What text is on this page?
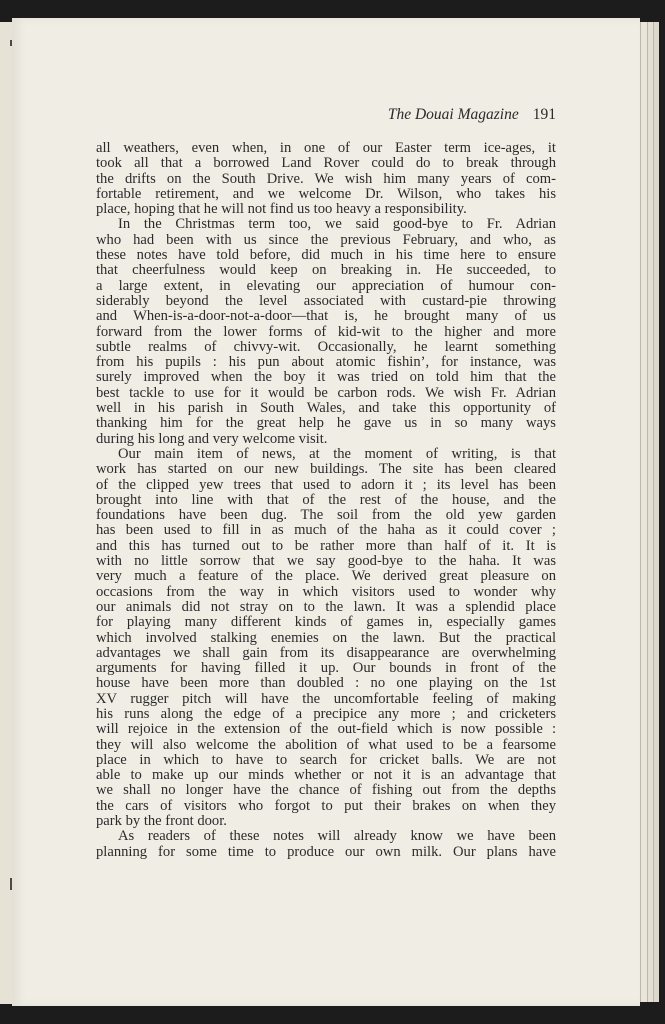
The Douai Magazine 191
all weathers, even when, in one of our Easter term ice-ages, it
took all that a borrowed Land Rover could do to break through
the drifts on the South Drive. We wish him many years of com-
fortable retirement, and we welcome Dr. Wilson, who takes his
place, hoping that he will not find us too heavy a responsibility.
In the Christmas term too, we said good-bye to Fr. Adrian
who had been with us since the previous February, and who, as
these notes have told before, did much in his time here to ensure
that cheerfulness would keep on breaking in. He succeeded, to
a large extent, in elevating our appreciation of humour con-
siderably beyond the level associated with custard-pie throwing
and When-is-a-door-not-a-door—that is, he brought many of us
forward from the lower forms of kid-wit to the higher and more
subtle realms of chivvy-wit. Occasionally, he learnt something
from his pupils : his pun about atomic fishin’, for instance, was
surely improved when the boy it was tried on told him that the
best tackle to use for it would be carbon rods. We wish Fr. Adrian
well in his parish in South Wales, and take this opportunity of
thanking him for the great help he gave us in so many ways
during his long and very welcome visit.
Our main item of news, at the moment of writing, is that
work has started on our new buildings. The site has been cleared
of the clipped yew trees that used to adorn it ; its level has been
brought into line with that of the rest of the house, and the
foundations have been dug. The soil from the old yew garden
has been used to fill in as much of the haha as it could cover ;
and this has turned out to be rather more than half of it. It is
with no little sorrow that we say good-bye to the haha. It was
very much a feature of the place. We derived great pleasure on
occasions from the way in which visitors used to wonder why
our animals did not stray on to the lawn. It was a splendid place
for playing many different kinds of games in, especially games
which involved stalking enemies on the lawn. But the practical
advantages we shall gain from its disappearance are overwhelming
arguments for having filled it up. Our bounds in front of the
house have been more than doubled : no one playing on the 1st
XV rugger pitch will have the uncomfortable feeling of making
his runs along the edge of a precipice any more ; and cricketers
will rejoice in the extension of the out-field which is now possible :
they will also welcome the abolition of what used to be a fearsome
place in which to have to search for cricket balls. We are not
able to make up our minds whether or not it is an advantage that
we shall no longer have the chance of fishing out from the depths
the cars of visitors who forgot to put their brakes on when they
park by the front door.
As readers of these notes will already know we have been
planning for some time to produce our own milk. Our plans have
